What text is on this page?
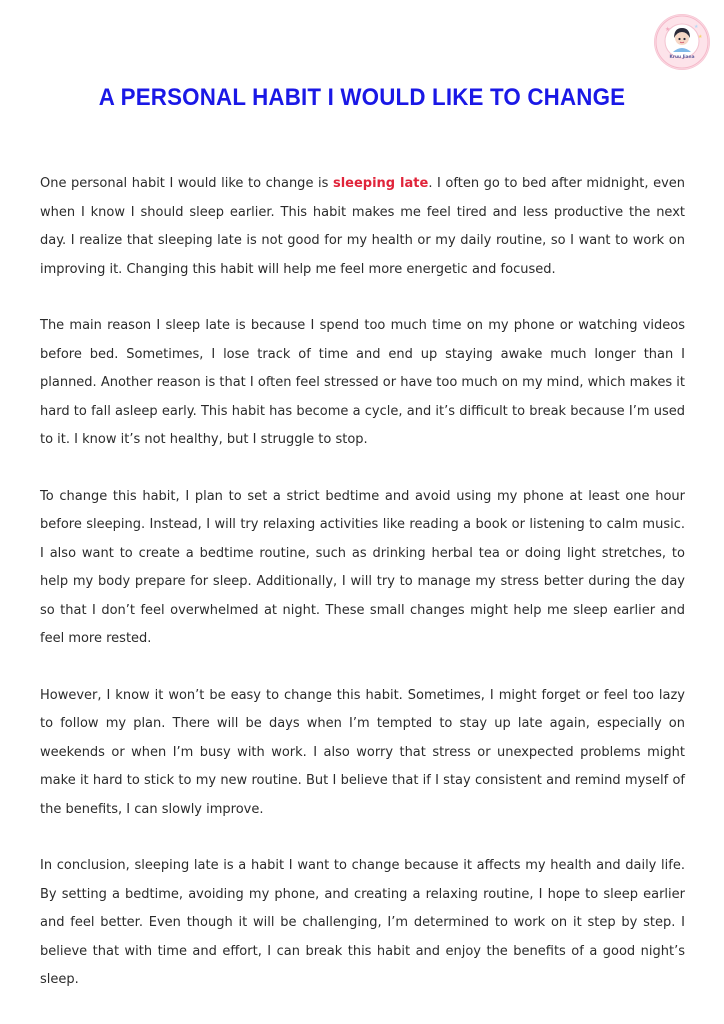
★	★
★
Kruu Jiana
A PERSONAL HABIT I WOULD LIKE TO CHANGE

One personal habit I would like to change is sleeping late. I often go to bed after midnight, even when I know I should sleep earlier. This habit makes me feel tired and less productive the next day. I realize that sleeping late is not good for my health or my daily routine, so I want to work on improving it. Changing this habit will help me feel more energetic and focused.

The main reason I sleep late is because I spend too much time on my phone or watching videos before bed. Sometimes, I lose track of time and end up staying awake much longer than I planned. Another reason is that I often feel stressed or have too much on my mind, which makes it hard to fall asleep early. This habit has become a cycle, and it’s difficult to break because I’m used to it. I know it’s not healthy, but I struggle to stop.

To change this habit, I plan to set a strict bedtime and avoid using my phone at least one hour before sleeping. Instead, I will try relaxing activities like reading a book or listening to calm music. I also want to create a bedtime routine, such as drinking herbal tea or doing light stretches, to help my body prepare for sleep. Additionally, I will try to manage my stress better during the day so that I don’t feel overwhelmed at night. These small changes might help me sleep earlier and feel more rested.

However, I know it won’t be easy to change this habit. Sometimes, I might forget or feel too lazy to follow my plan. There will be days when I’m tempted to stay up late again, especially on weekends or when I’m busy with work. I also worry that stress or unexpected problems might make it hard to stick to my new routine. But I believe that if I stay consistent and remind myself of the benefits, I can slowly improve.

In conclusion, sleeping late is a habit I want to change because it affects my health and daily life. By setting a bedtime, avoiding my phone, and creating a relaxing routine, I hope to sleep earlier and feel better. Even though it will be challenging, I’m determined to work on it step by step. I believe that with time and effort, I can break this habit and enjoy the benefits of a good night’s sleep.
